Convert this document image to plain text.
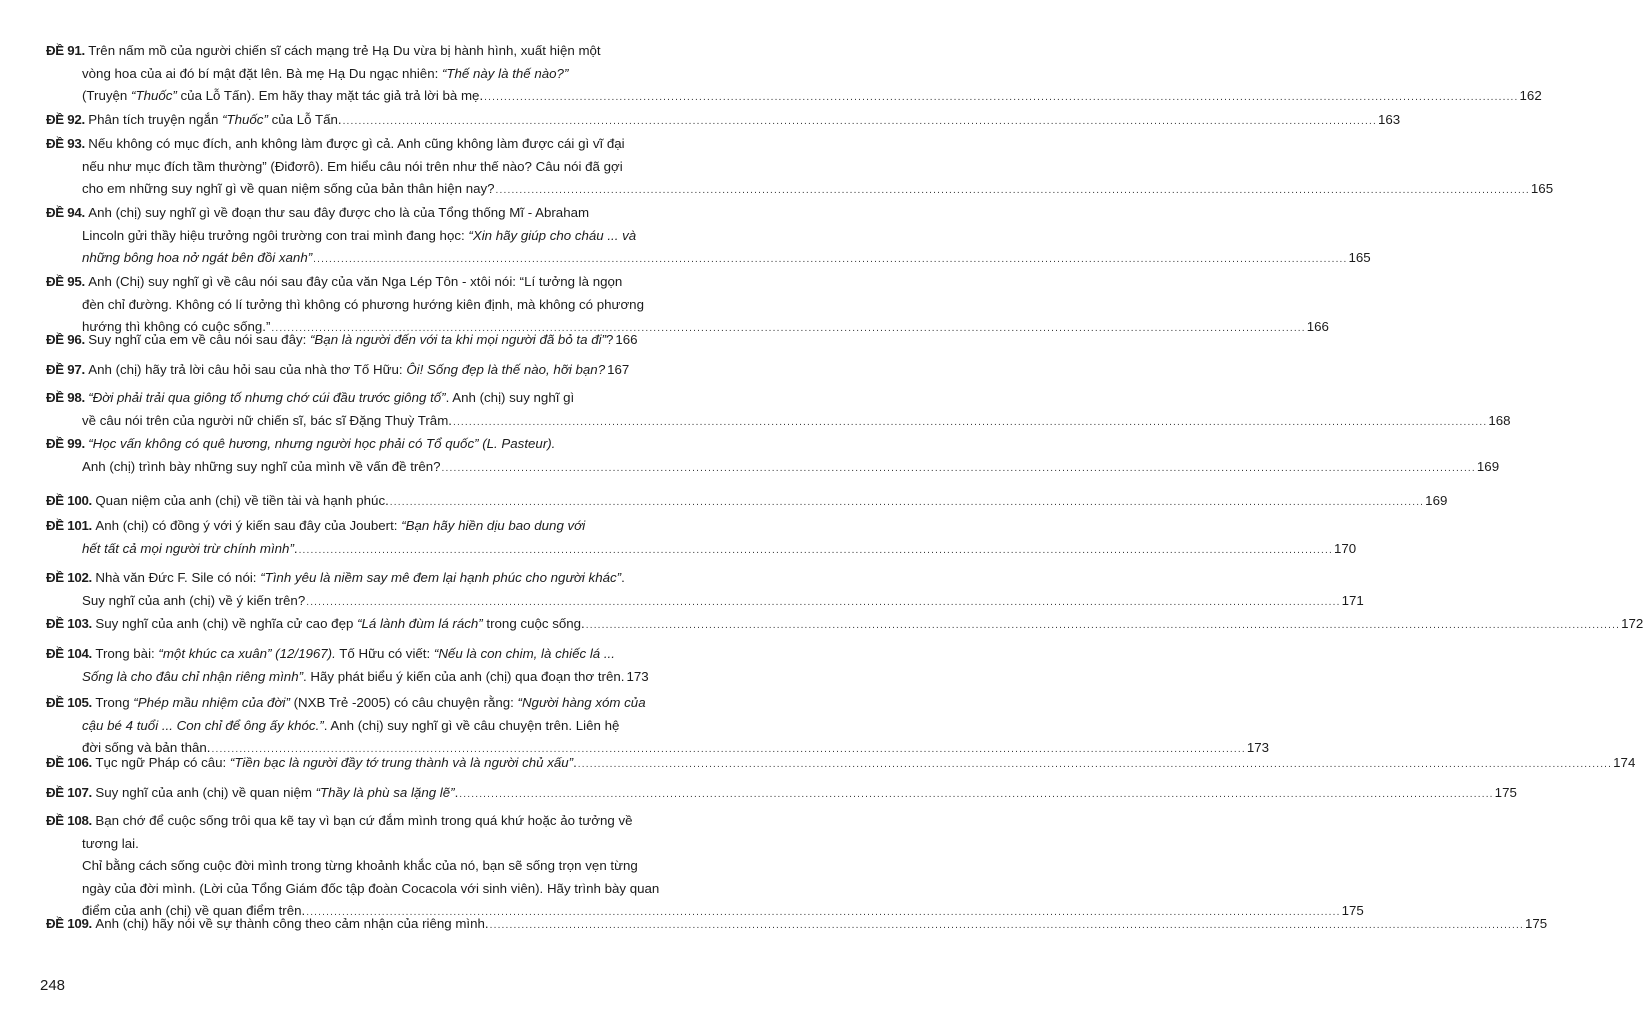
ĐỀ 91. Trên nấm mồ của người chiến sĩ cách mạng trẻ Hạ Du vừa bị hành hình, xuất hiện một
vòng hoa của ai đó bí mật đặt lên. Bà mẹ Hạ Du ngạc nhiên: “Thế này là thế nào?”
(Truyện “Thuốc” của Lỗ Tấn). Em hãy thay mặt tác giả trả lời bà mẹ. .................................................................................................................................................................................................................................................................... 162
ĐỀ 92. Phân tích truyện ngắn “Thuốc” của Lỗ Tấn. .................................................................................................................................................................................................................................................................... 163
ĐỀ 93. Nếu không có mục đích, anh không làm được gì cả. Anh cũng không làm được cái gì vĩ đại
nếu như mục đích tầm thường” (Điđơrô). Em hiểu câu nói trên như thế nào? Câu nói đã gợi
cho em những suy nghĩ gì về quan niệm sống của bản thân hiện nay? .................................................................................................................................................................................................................................................................... 165
ĐỀ 94. Anh (chị) suy nghĩ gì về đoạn thư sau đây được cho là của Tổng thống Mĩ - Abraham
Lincoln gửi thầy hiệu trưởng ngôi trường con trai mình đang học: “Xin hãy giúp cho cháu ... và
những bông hoa nở ngát bên đồi xanh” .................................................................................................................................................................................................................................................................... 165
ĐỀ 95. Anh (Chị) suy nghĩ gì về câu nói sau đây của văn Nga Lép Tôn - xtôi nói: “Lí tưởng là ngọn
đèn chỉ đường. Không có lí tưởng thì không có phương hướng kiên định, mà không có phương
hướng thì không có cuộc sống.” .................................................................................................................................................................................................................................................................... 166
ĐỀ 96. Suy nghĩ của em về câu nói sau đây: “Bạn là người đến với ta khi mọi người đã bỏ ta đi”? 166
ĐỀ 97. Anh (chị) hãy trả lời câu hỏi sau của nhà thơ Tố Hữu: Ôi! Sống đẹp là thế nào, hỡi bạn? 167
ĐỀ 98. “Đời phải trải qua giông tố nhưng chớ cúi đầu trước giông tố”. Anh (chị) suy nghĩ gì
về câu nói trên của người nữ chiến sĩ, bác sĩ Đặng Thuỳ Trâm. .................................................................................................................................................................................................................................................................... 168
ĐỀ 99. “Học vấn không có quê hương, nhưng người học phải có Tổ quốc” (L. Pasteur).
Anh (chị) trình bày những suy nghĩ của mình về vấn đề trên? .................................................................................................................................................................................................................................................................... 169
ĐỀ 100. Quan niệm của anh (chị) về tiền tài và hạnh phúc. .................................................................................................................................................................................................................................................................... 169
ĐỀ 101. Anh (chị) có đồng ý với ý kiến sau đây của Joubert: “Bạn hãy hiền dịu bao dung với
hết tất cả mọi người trừ chính mình”. .................................................................................................................................................................................................................................................................... 170
ĐỀ 102. Nhà văn Đức F. Sile có nói: “Tình yêu là niềm say mê đem lại hạnh phúc cho người khác”.
Suy nghĩ của anh (chị) về ý kiến trên? .................................................................................................................................................................................................................................................................... 171
ĐỀ 103. Suy nghĩ của anh (chị) về nghĩa cử cao đẹp “Lá lành đùm lá rách” trong cuộc sống. .................................................................................................................................................................................................................................................................... 172
ĐỀ 104. Trong bài: “một khúc ca xuân” (12/1967). Tố Hữu có viết: “Nếu là con chim, là chiếc lá ...
Sống là cho đâu chỉ nhận riêng mình”. Hãy phát biểu ý kiến của anh (chị) qua đoạn thơ trên. 173
ĐỀ 105. Trong “Phép mầu nhiệm của đời” (NXB Trẻ -2005) có câu chuyện rằng: “Người hàng xóm của
cậu bé 4 tuổi ... Con chỉ để ông ấy khóc.”. Anh (chị) suy nghĩ gì về câu chuyện trên. Liên hệ
đời sống và bản thân. .................................................................................................................................................................................................................................................................... 173
ĐỀ 106. Tục ngữ Pháp có câu: “Tiền bạc là người đầy tớ trung thành và là người chủ xấu”. .................................................................................................................................................................................................................................................................... 174
ĐỀ 107. Suy nghĩ của anh (chị) về quan niệm “Thầy là phù sa lặng lẽ”. .................................................................................................................................................................................................................................................................... 175
ĐỀ 108. Bạn chớ để cuộc sống trôi qua kẽ tay vì bạn cứ đắm mình trong quá khứ hoặc ảo tưởng về
tương lai.
Chỉ bằng cách sống cuộc đời mình trong từng khoảnh khắc của nó, bạn sẽ sống trọn vẹn từng
ngày của đời mình. (Lời của Tổng Giám đốc tập đoàn Cocacola với sinh viên). Hãy trình bày quan
điểm của anh (chị) về quan điểm trên. .................................................................................................................................................................................................................................................................... 175
ĐỀ 109. Anh (chị) hãy nói về sự thành công theo cảm nhận của riêng mình. .................................................................................................................................................................................................................................................................... 175
248
